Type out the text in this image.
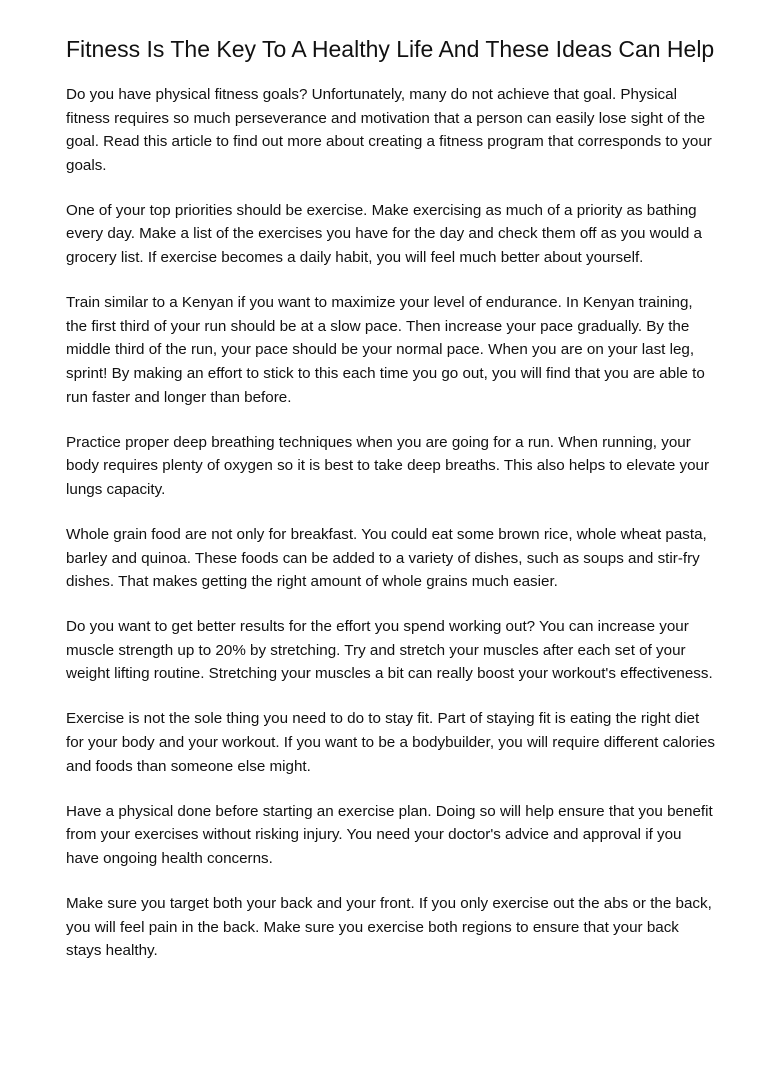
Fitness Is The Key To A Healthy Life And These Ideas Can Help

Do you have physical fitness goals? Unfortunately, many do not achieve that goal. Physical fitness requires so much perseverance and motivation that a person can easily lose sight of the goal. Read this article to find out more about creating a fitness program that corresponds to your goals.

One of your top priorities should be exercise. Make exercising as much of a priority as bathing every day. Make a list of the exercises you have for the day and check them off as you would a grocery list. If exercise becomes a daily habit, you will feel much better about yourself.

Train similar to a Kenyan if you want to maximize your level of endurance. In Kenyan training, the first third of your run should be at a slow pace. Then increase your pace gradually. By the middle third of the run, your pace should be your normal pace. When you are on your last leg, sprint! By making an effort to stick to this each time you go out, you will find that you are able to run faster and longer than before.

Practice proper deep breathing techniques when you are going for a run. When running, your body requires plenty of oxygen so it is best to take deep breaths. This also helps to elevate your lungs capacity.

Whole grain food are not only for breakfast. You could eat some brown rice, whole wheat pasta, barley and quinoa. These foods can be added to a variety of dishes, such as soups and stir-fry dishes. That makes getting the right amount of whole grains much easier.

Do you want to get better results for the effort you spend working out? You can increase your muscle strength up to 20% by stretching. Try and stretch your muscles after each set of your weight lifting routine. Stretching your muscles a bit can really boost your workout's effectiveness.

Exercise is not the sole thing you need to do to stay fit. Part of staying fit is eating the right diet for your body and your workout. If you want to be a bodybuilder, you will require different calories and foods than someone else might.

Have a physical done before starting an exercise plan. Doing so will help ensure that you benefit from your exercises without risking injury. You need your doctor's advice and approval if you have ongoing health concerns.

Make sure you target both your back and your front. If you only exercise out the abs or the back, you will feel pain in the back. Make sure you exercise both regions to ensure that your back stays healthy.
